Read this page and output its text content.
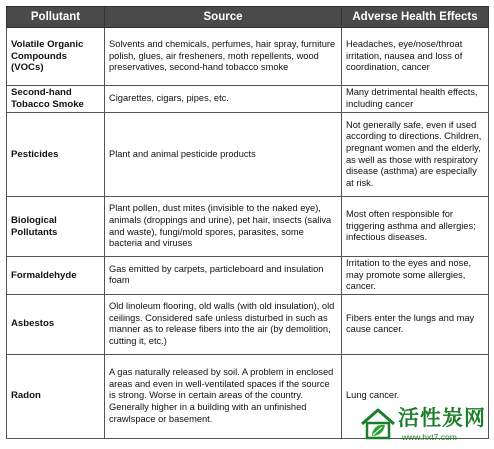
Pollutant	Source	Adverse Health Effects
Volatile Organic Compounds (VOCs)	Solvents and chemicals, perfumes, hair spray, furniture polish, glues, air fresheners, moth repellents, wood preservatives, second-hand tobacco smoke	Headaches, eye/nose/throat irritation, nausea and loss of coordination, cancer
Second-hand Tobacco Smoke	Cigarettes, cigars, pipes, etc.	Many detrimental health effects, including cancer
Pesticides	Plant and animal pesticide products	Not generally safe, even if used according to directions. Children, pregnant women and the elderly, as well as those with respiratory disease (asthma) are especially at risk.
Biological Pollutants	Plant pollen, dust mites (invisible to the naked eye), animals (droppings and urine), pet hair, insects (saliva and waste), fungi/mold spores, parasites, some bacteria and viruses	Most often responsible for triggering asthma and allergies; infectious diseases.
Formaldehyde	Gas emitted by carpets, particleboard and insulation foam	Irritation to the eyes and nose, may promote some allergies, cancer.
Asbestos	Old linoleum flooring, old walls (with old insulation), old ceilings. Considered safe unless disturbed in such as manner as to release fibers into the air (by demolition, cutting it, etc.)	Fibers enter the lungs and may cause cancer.
Radon	A gas naturally released by soil. A problem in enclosed areas and even in well-ventilated spaces if the source is strong. Worse in certain areas of the country. Generally higher in a building with an unfinished crawlspace or basement.	Lung cancer.
活性炭网
www.hxt7.com
